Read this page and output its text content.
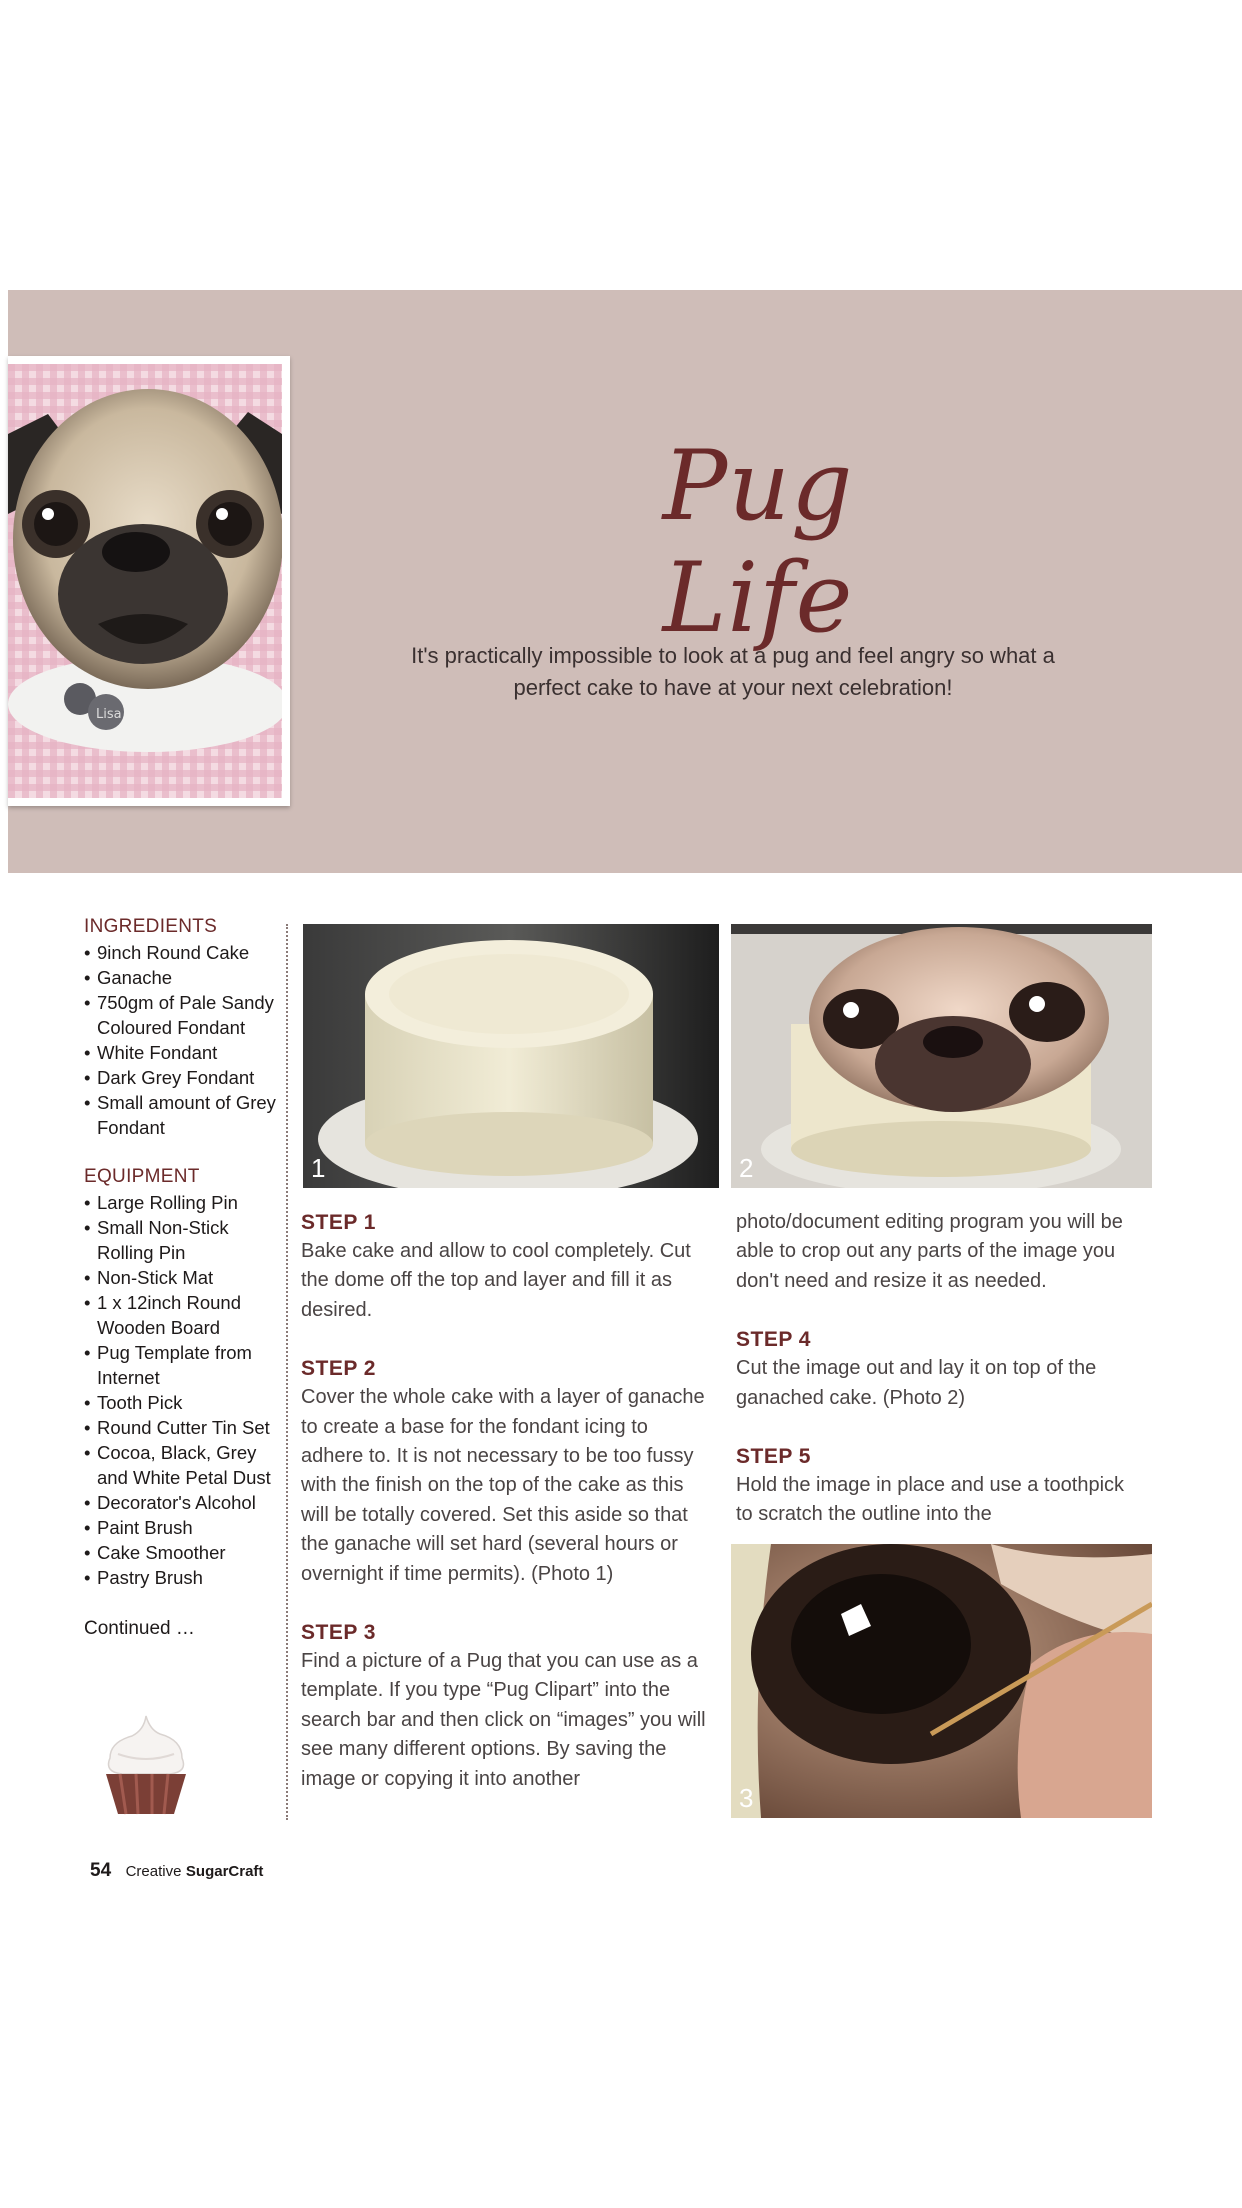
Lisa
Pug Life
It's practically impossible to look at a pug and feel angry so what a perfect cake to have at your next celebration!
INGREDIENTS
• 9inch Round Cake
• Ganache
• 750gm of Pale Sandy Coloured Fondant
• White Fondant
• Dark Grey Fondant
• Small amount of Grey Fondant
EQUIPMENT
• Large Rolling Pin
• Small Non-Stick Rolling Pin
• Non-Stick Mat
• 1 x 12inch Round Wooden Board
• Pug Template from Internet
• Tooth Pick
• Round Cutter Tin Set
• Cocoa, Black, Grey and White Petal Dust
• Decorator's Alcohol
• Paint Brush
• Cake Smoother
• Pastry Brush
Continued …
1	2
3
STEP 1

Bake cake and allow to cool completely. Cut the dome off the top and layer and fill it as desired.

STEP 2

Cover the whole cake with a layer of ganache to create a base for the fondant icing to adhere to. It is not necessary to be too fussy with the finish on the top of the cake as this will be totally covered. Set this aside so that the ganache will set hard (several hours or overnight if time permits). (Photo 1)

STEP 3

Find a picture of a Pug that you can use as a template. If you type “Pug Clipart” into the search bar and then click on “images” you will see many different options. By saving the image or copying it into another

photo/document editing program you will be able to crop out any parts of the image you don't need and resize it as needed.

STEP 4

Cut the image out and lay it on top of the ganached cake. (Photo 2)

STEP 5

Hold the image in place and use a toothpick to scratch the outline into the

54 Creative SugarCraft
